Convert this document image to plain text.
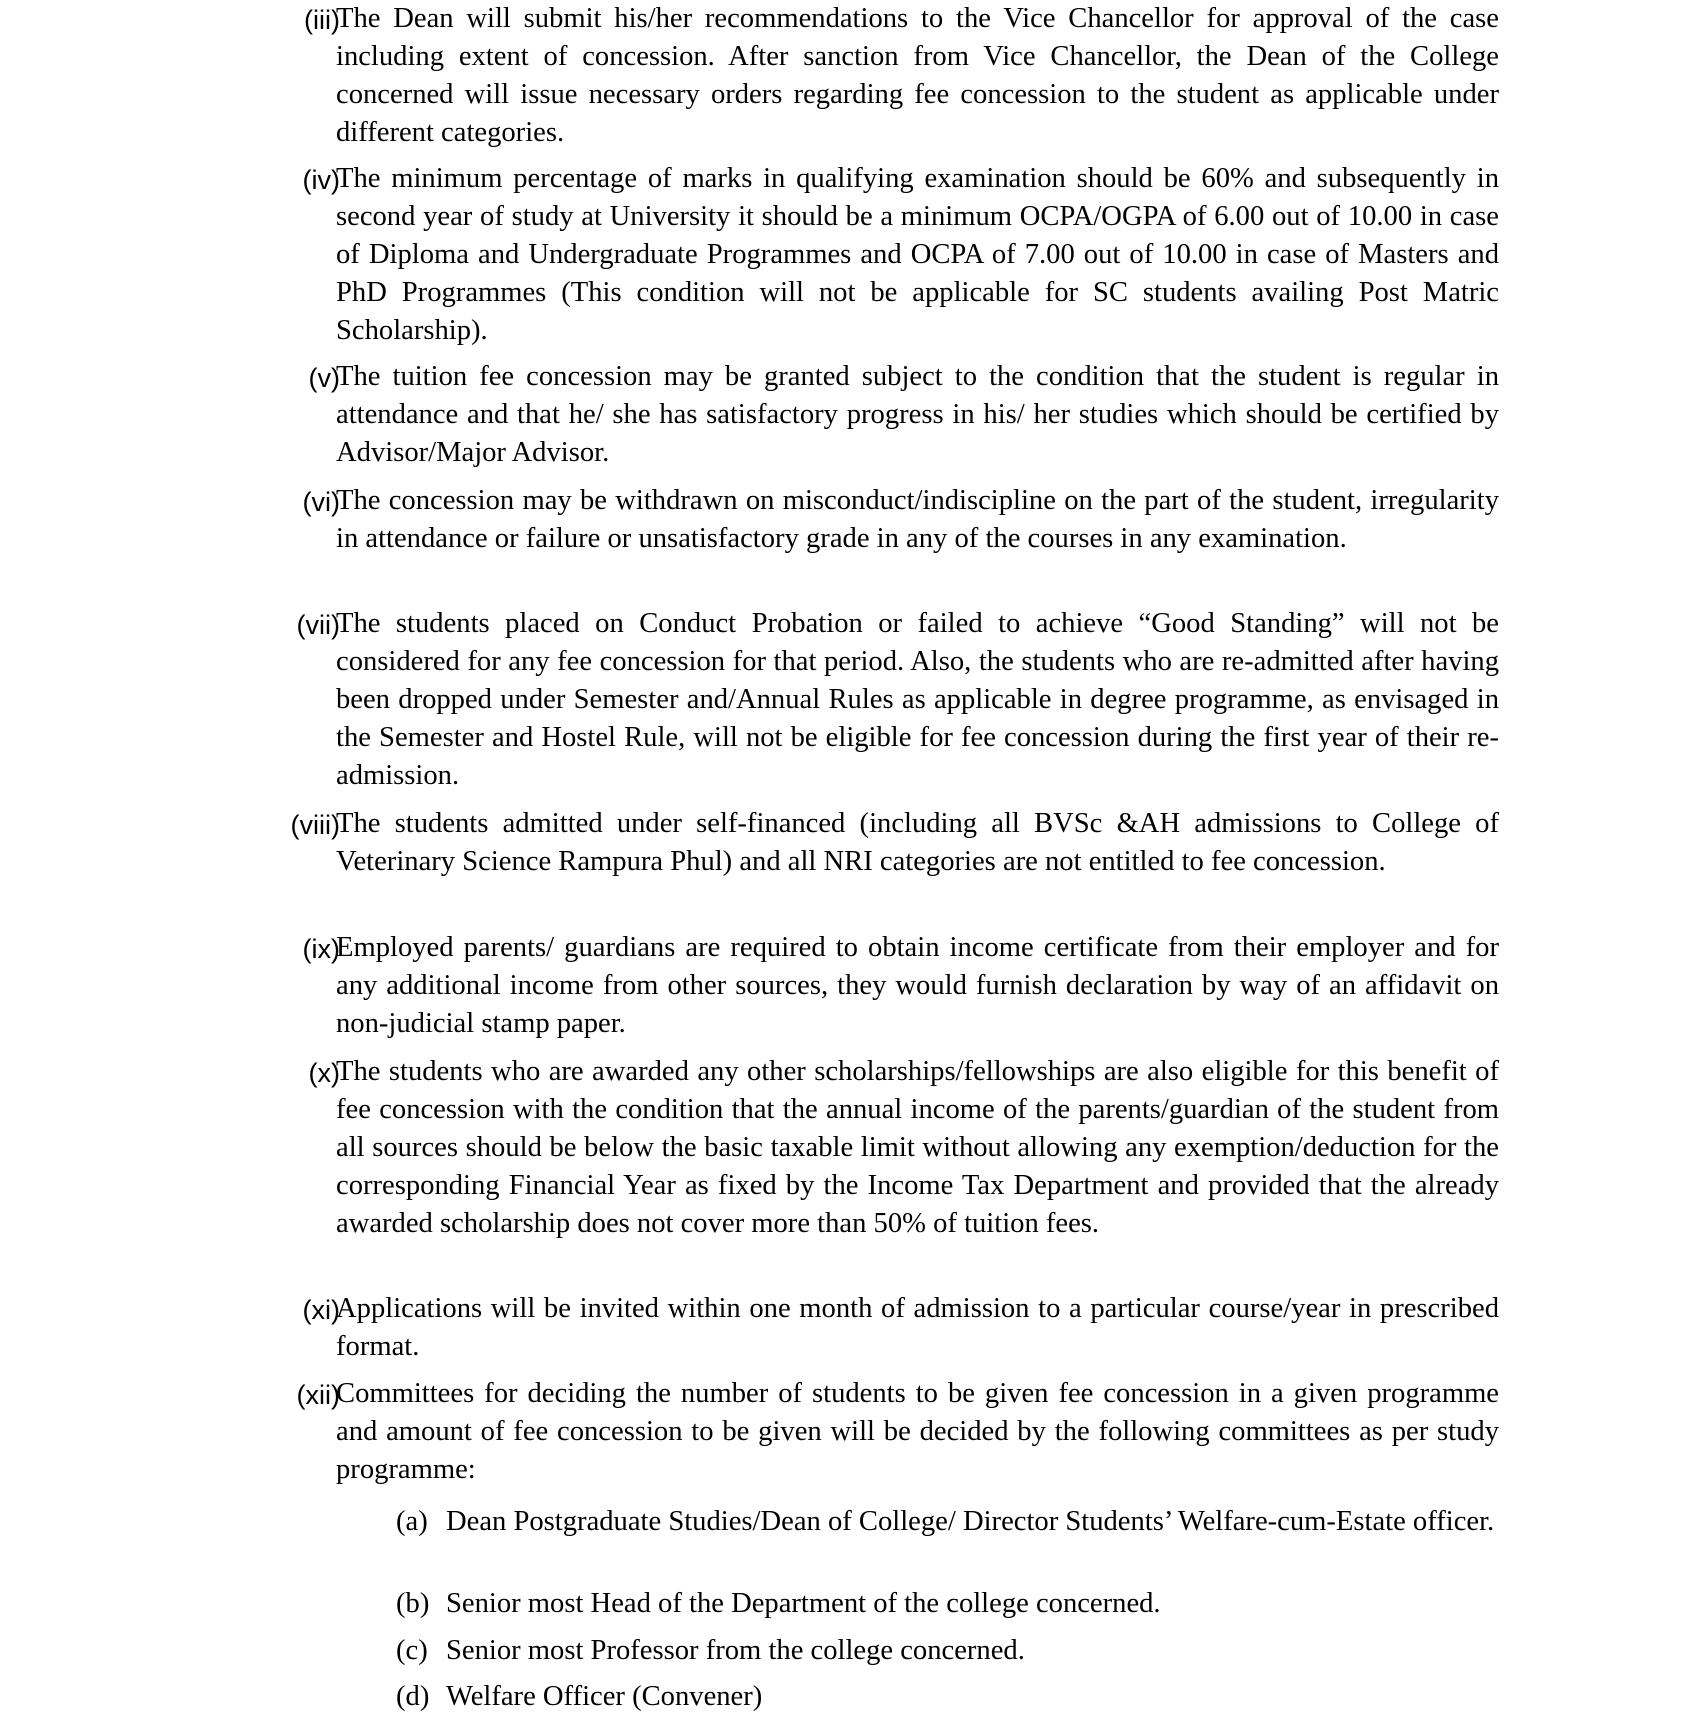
(iii)

The Dean will submit his/her recommendations to the Vice Chancellor for approval of the case including extent of concession. After sanction from Vice Chancellor, the Dean of the College concerned will issue necessary orders regarding fee concession to the student as applicable under different categories.

(iv)

The minimum percentage of marks in qualifying examination should be 60% and subsequently in second year of study at University it should be a minimum OCPA/OGPA of 6.00 out of 10.00 in case of Diploma and Undergraduate Programmes and OCPA of 7.00 out of 10.00 in case of Masters and PhD Programmes (This condition will not be applicable for SC students availing Post Matric Scholarship).

(v)

The tuition fee concession may be granted subject to the condition that the student is regular in attendance and that he/ she has satisfactory progress in his/ her studies which should be certified by Advisor/Major Advisor.

(vi)

The concession may be withdrawn on misconduct/indiscipline on the part of the student, irregularity in attendance or failure or unsatisfactory grade in any of the courses in any examination.

(vii)

The students placed on Conduct Probation or failed to achieve “Good Standing” will not be considered for any fee concession for that period. Also, the students who are re-admitted after having been dropped under Semester and/Annual Rules as applicable in degree programme, as envisaged in the Semester and Hostel Rule, will not be eligible for fee concession during the first year of their re-admission.

(viii)

The students admitted under self-financed (including all BVSc &AH admissions to College of Veterinary Science Rampura Phul) and all NRI categories are not entitled to fee concession.

(ix)

Employed parents/ guardians are required to obtain income certificate from their employer and for any additional income from other sources, they would furnish declaration by way of an affidavit on non-judicial stamp paper.

(x)

The students who are awarded any other scholarships/fellowships are also eligible for this benefit of fee concession with the condition that the annual income of the parents/guardian of the student from all sources should be below the basic taxable limit without allowing any exemption/deduction for the corresponding Financial Year as fixed by the Income Tax Department and provided that the already awarded scholarship does not cover more than 50% of tuition fees.

(xi)

Applications will be invited within one month of admission to a particular course/year in prescribed format.

(xii)

Committees for deciding the number of students to be given fee concession in a given programme and amount of fee concession to be given will be decided by the following committees as per study programme:

(a) Dean Postgraduate Studies/Dean of College/ Director Students’ Welfare-cum-Estate officer.

(b) Senior most Head of the Department of the college concerned.

(c) Senior most Professor from the college concerned.

(d) Welfare Officer (Convener)
